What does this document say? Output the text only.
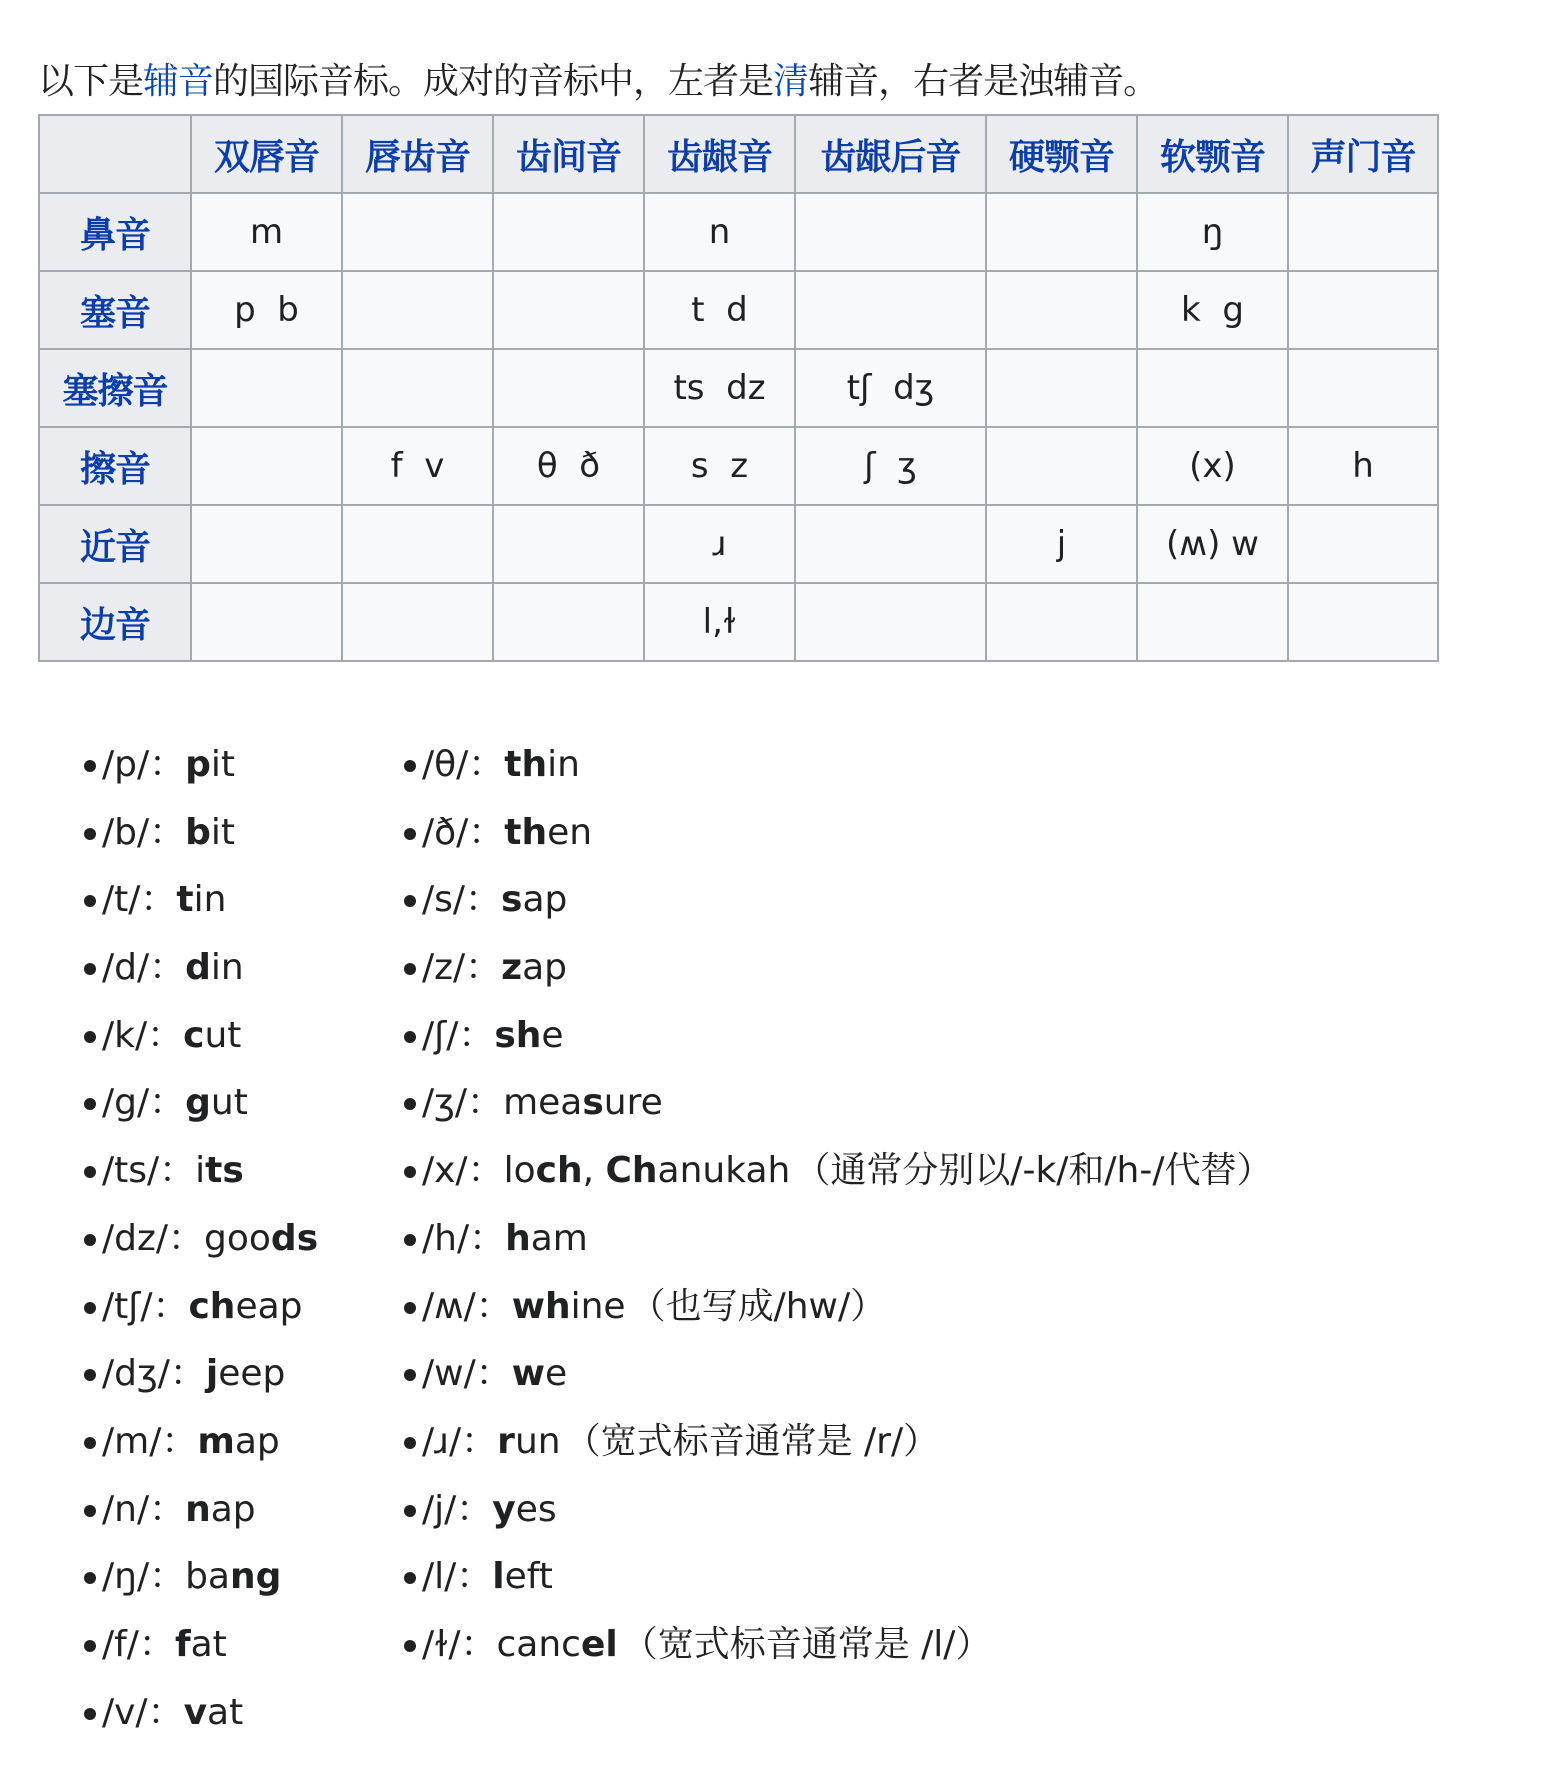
以下是辅音的国际音标。成对的音标中，左者是清辅音，右者是浊辅音。

	双唇音	唇齿音	齿间音	齿龈音	齿龈后音	硬颚音	软颚音	声门音
鼻音	m			n			ŋ	
塞音	p  b			t  d			k  g	
塞擦音				ts  dz	tʃ  dʒ			
擦音		f  v	θ  ð	s  z	ʃ  ʒ		(x)	h
近音				ɹ		j	(ʍ) w	
边音				l,ɫ				
/p/：pit
/b/：bit
/t/：tin
/d/：din
/k/：cut
/g/：gut
/ts/：its
/dz/：goods
/tʃ/：cheap
/dʒ/：jeep
/m/：map
/n/：nap
/ŋ/：bang
/f/：fat
/v/：vat
/θ/：thin
/ð/：then
/s/：sap
/z/：zap
/ʃ/：she
/ʒ/：measure
/x/：loch, Chanukah （通常分别以/-k/和/h-/代替）
/h/：ham
/ʍ/：whine （也写成/hw/）
/w/：we
/ɹ/：run （宽式标音通常是 /r/）
/j/：yes
/l/：left
/ɫ/：cancel （宽式标音通常是 /l/）
